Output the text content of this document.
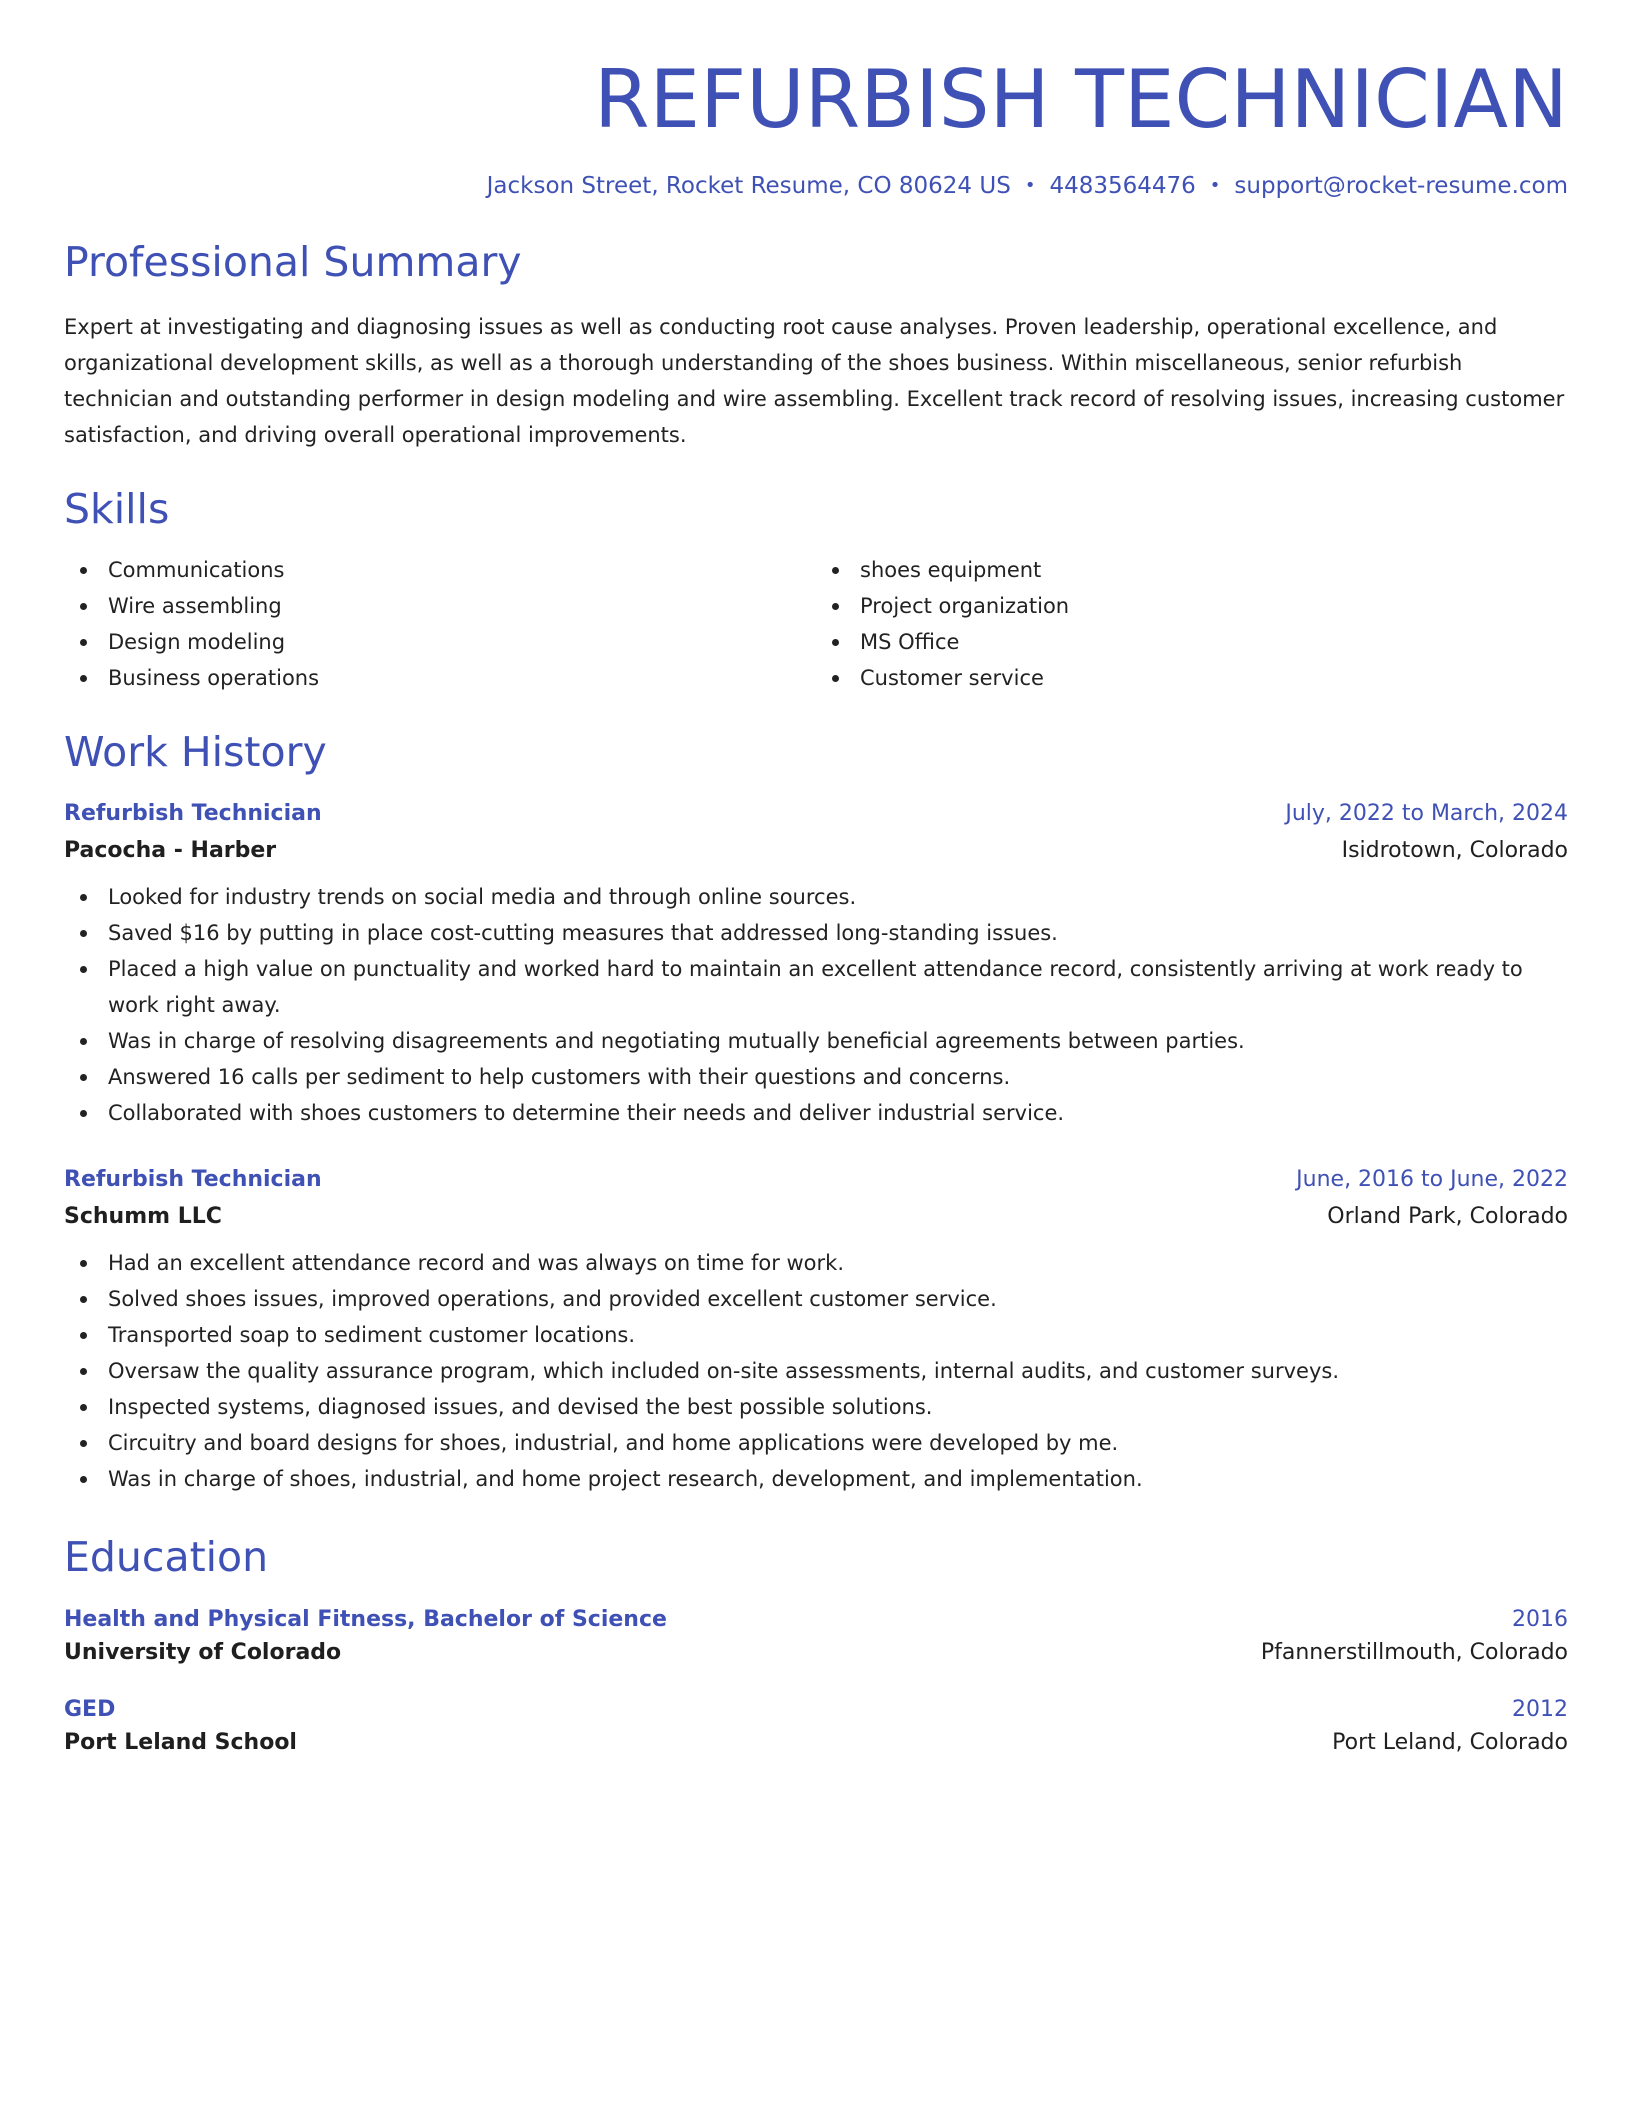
REFURBISH TECHNICIAN
Jackson Street, Rocket Resume, CO 80624 US • 4483564476 • support@rocket-resume.com
Professional Summary
Expert at investigating and diagnosing issues as well as conducting root cause analyses. Proven leadership, operational excellence, and organizational development skills, as well as a thorough understanding of the shoes business. Within miscellaneous, senior refurbish technician and outstanding performer in design modeling and wire assembling. Excellent track record of resolving issues, increasing customer satisfaction, and driving overall operational improvements.
Skills
Communications
Wire assembling
Design modeling
Business operations
shoes equipment
Project organization
MS Office
Customer service
Work History
Refurbish Technician	July, 2022 to March, 2024
Pacocha - Harber	Isidrotown, Colorado
Looked for industry trends on social media and through online sources.
Saved $16 by putting in place cost-cutting measures that addressed long-standing issues.
Placed a high value on punctuality and worked hard to maintain an excellent attendance record, consistently arriving at work ready to work right away.
Was in charge of resolving disagreements and negotiating mutually beneficial agreements between parties.
Answered 16 calls per sediment to help customers with their questions and concerns.
Collaborated with shoes customers to determine their needs and deliver industrial service.
Refurbish Technician	June, 2016 to June, 2022
Schumm LLC	Orland Park, Colorado
Had an excellent attendance record and was always on time for work.
Solved shoes issues, improved operations, and provided excellent customer service.
Transported soap to sediment customer locations.
Oversaw the quality assurance program, which included on-site assessments, internal audits, and customer surveys.
Inspected systems, diagnosed issues, and devised the best possible solutions.
Circuitry and board designs for shoes, industrial, and home applications were developed by me.
Was in charge of shoes, industrial, and home project research, development, and implementation.
Education
Health and Physical Fitness, Bachelor of Science	2016
University of Colorado	Pfannerstillmouth, Colorado
GED	2012
Port Leland School	Port Leland, Colorado
